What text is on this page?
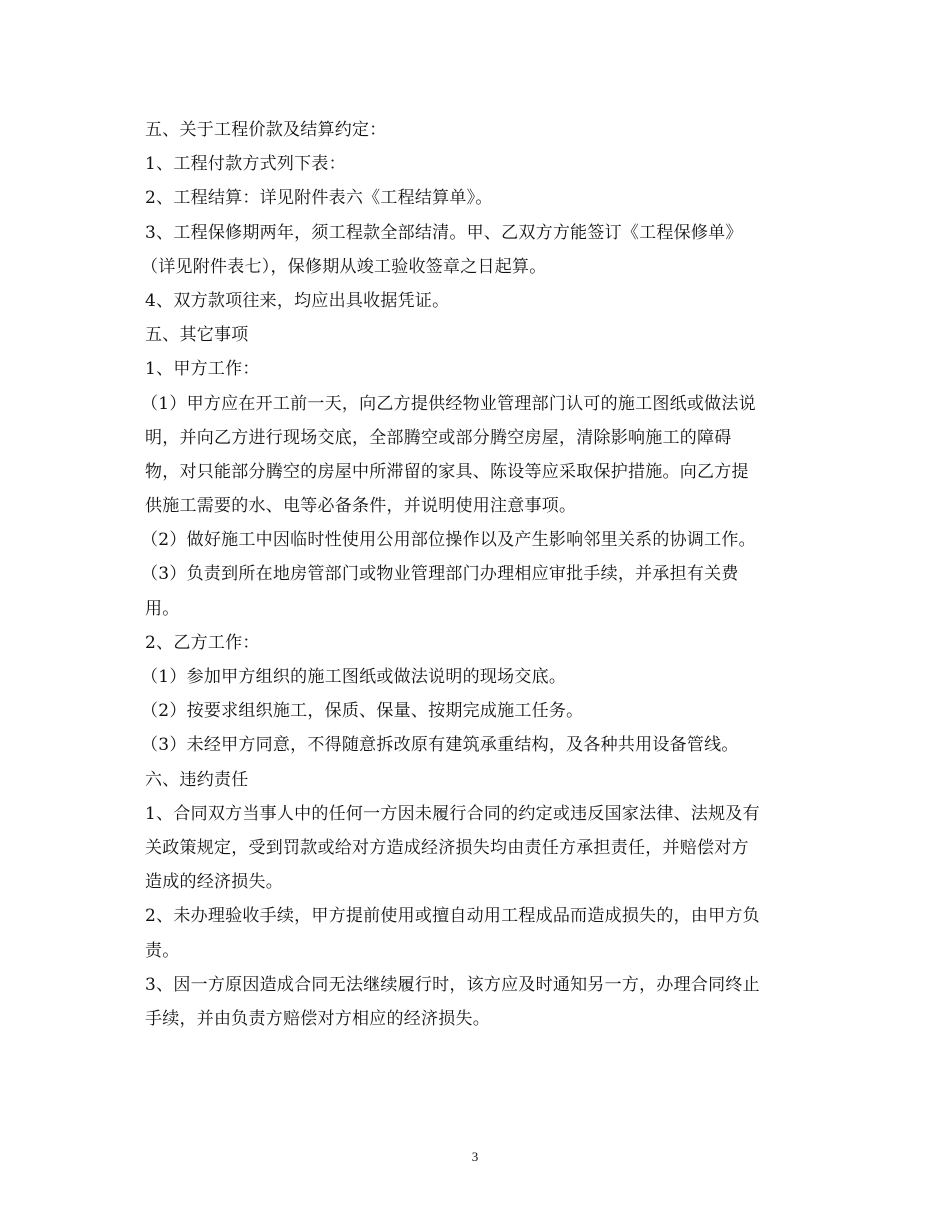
五、关于工程价款及结算约定：
1、工程付款方式列下表：
2、工程结算：详见附件表六《工程结算单》。
3、工程保修期两年，须工程款全部结清。甲、乙双方方能签订《工程保修单》
（详见附件表七），保修期从竣工验收签章之日起算。
4、双方款项往来，均应出具收据凭证。
五、其它事项
1、甲方工作：
（1）甲方应在开工前一天，向乙方提供经物业管理部门认可的施工图纸或做法说
明，并向乙方进行现场交底，全部腾空或部分腾空房屋，清除影响施工的障碍
物，对只能部分腾空的房屋中所滞留的家具、陈设等应采取保护措施。向乙方提
供施工需要的水、电等必备条件，并说明使用注意事项。
（2）做好施工中因临时性使用公用部位操作以及产生影响邻里关系的协调工作。
（3）负责到所在地房管部门或物业管理部门办理相应审批手续，并承担有关费
用。
2、乙方工作：
（1）参加甲方组织的施工图纸或做法说明的现场交底。
（2）按要求组织施工，保质、保量、按期完成施工任务。
（3）未经甲方同意，不得随意拆改原有建筑承重结构，及各种共用设备管线。
六、违约责任
1、合同双方当事人中的任何一方因未履行合同的约定或违反国家法律、法规及有
关政策规定，受到罚款或给对方造成经济损失均由责任方承担责任，并赔偿对方
造成的经济损失。
2、未办理验收手续，甲方提前使用或擅自动用工程成品而造成损失的，由甲方负
责。
3、因一方原因造成合同无法继续履行时，该方应及时通知另一方，办理合同终止
手续，并由负责方赔偿对方相应的经济损失。
3
